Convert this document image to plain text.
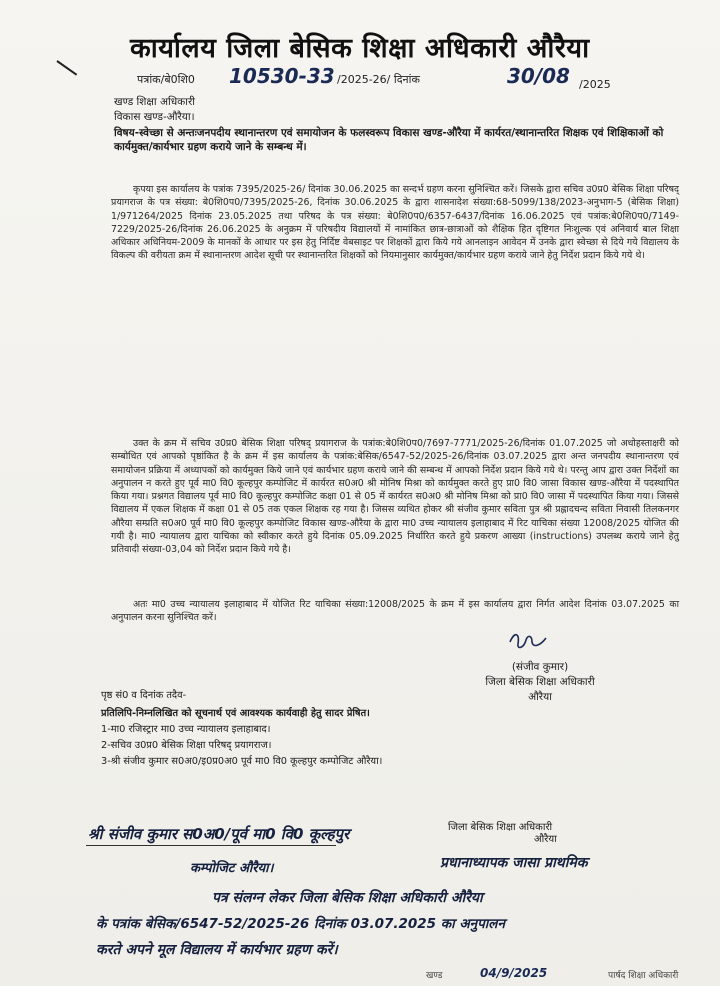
कार्यालय जिला बेसिक शिक्षा अधिकारी औरैया
पत्रांक/बे0शि0 10530-33 /2025-26/ दिनांक	30/08 /2025
खण्ड शिक्षा अधिकारी
विकास खण्ड-औरैया।
विषय-स्वेच्छा से अन्तःजनपदीय स्थानान्तरण एवं समायोजन के फलस्वरूप विकास खण्ड-औरैया में कार्यरत/स्थानान्तरित शिक्षक एवं शिक्षिकाओं को कार्यमुक्त/कार्यभार ग्रहण कराये जाने के सम्बन्ध में।
कृपया इस कार्यालय के पत्रांक 7395/2025-26/ दिनांक 30.06.2025 का सन्दर्भ ग्रहण करना सुनिश्चित करें। जिसके द्वारा सचिव उ0प्र0 बेसिक शिक्षा परिषद् प्रयागराज के पत्र संख्या: बे0शि0प0/7395/2025-26, दिनांक 30.06.2025 के द्वारा शासनादेश संख्या:68-5099/138/2023-अनुभाग-5 (बेसिक शिक्षा) 1/971264/2025 दिनांक 23.05.2025 तथा परिषद के पत्र संख्या: बे0शि0प0/6357-6437/दिनांक 16.06.2025 एवं पत्रांक:बे0शि0प0/7149-7229/2025-26/दिनांक 26.06.2025 के अनुक्रम में परिषदीय विद्यालयों में नामांकित छात्र-छात्राओं को शैक्षिक हित दृष्टिगत निःशुल्क एवं अनिवार्य बाल शिक्षा अधिकार अधिनियम-2009 के मानकों के आधार पर इस हेतु निर्दिष्ट वेबसाइट पर शिक्षकों द्वारा किये गये आनलाइन आवेदन में उनके द्वारा स्वेच्छा से दिये गये विद्यालय के विकल्प की वरीयता क्रम में स्थानान्तरण आदेश सूची पर स्थानान्तरित शिक्षकों को नियमानुसार कार्यमुक्त/कार्यभार ग्रहण कराये जाने हेतु निर्देश प्रदान किये गये थे।
उक्त के क्रम में सचिव उ0प्र0 बेसिक शिक्षा परिषद् प्रयागराज के पत्रांक:बे0शि0प0/7697-7771/2025-26/दिनांक 01.07.2025 जो अधोहस्ताक्षरी को सम्बोधित एवं आपको पृष्ठांकित है के क्रम में इस कार्यालय के पत्रांक:बेसिक/6547-52/2025-26/दिनांक 03.07.2025 द्वारा अन्त जनपदीय स्थानान्तरण एवं समायोजन प्रक्रिया में अध्यापकों को कार्यमुक्त किये जाने एवं कार्यभार ग्रहण कराये जाने की सम्बन्ध में आपको निर्देश प्रदान किये गये थे। परन्तु आप द्वारा उक्त निर्देशों का अनुपालन न करते हुए पूर्व मा0 वि0 कूल्हपुर कम्पोजिट में कार्यरत स0अ0 श्री मोनिष मिश्रा को कार्यमुक्त करते हुए प्रा0 वि0 जासा विकास खण्ड-औरैया में पदस्थापित किया गया। प्रश्नगत विद्यालय पूर्व मा0 वि0 कूल्हपुर कम्पोजिट कक्षा 01 से 05 में कार्यरत स0अ0 श्री मोनिष मिश्रा को प्रा0 वि0 जासा में पदस्थापित किया गया। जिससे विद्यालय में एकल शिक्षक में कक्षा 01 से 05 तक एकल शिक्षक रह गया है। जिसस व्यथित होकर श्री संजीव कुमार सविता पुत्र श्री प्रह्लादचन्द सविता निवासी तिलकनगर औरैया सम्प्रति स0अ0 पूर्व मा0 वि0 कूल्हपुर कम्पोजिट विकास खण्ड-औरैया के द्वारा मा0 उच्च न्यायालय इलाहाबाद में रिट याचिका संख्या 12008/2025 योजित की गयी है। मा0 न्यायालय द्वारा याचिका को स्वीकार करते हुये दिनांक 05.09.2025 निर्धारित करते हुये प्रकरण आख्या (instructions) उपलब्ध कराये जाने हेतु प्रतिवादी संख्या-03,04 को निर्देश प्रदान किये गये है।
अतः मा0 उच्च न्यायालय इलाहाबाद में योजित रिट याचिका संख्या:12008/2025 के क्रम में इस कार्यालय द्वारा निर्गत आदेश दिनांक 03.07.2025 का अनुपालन करना सुनिश्चित करें।
(संजीव कुमार)
जिला बेसिक शिक्षा अधिकारी
औरैया
पृष्ठ सं0 व दिनांक तदैव-
प्रतिलिपि-निम्नलिखित को सूचनार्थ एवं आवश्यक कार्यवाही हेतु सादर प्रेषित।
1-मा0 रजिस्ट्रार मा0 उच्च न्यायालय इलाहाबाद।
2-सचिव उ0प्र0 बेसिक शिक्षा परिषद् प्रयागराज।
3-श्री संजीव कुमार स0अ0/इ0प्र0अ0 पूर्व मा0 वि0 कूल्हपुर कम्पोजिट औरैया।
श्री संजीव कुमार स0अ0/पूर्व मा0 वि0 कूल्हपुर
कम्पोजिट औरैया।
जिला बेसिक शिक्षा अधिकारी
औरैया
प्रधानाध्यापक जासा प्राथमिक
पत्र संलग्न लेकर जिला बेसिक शिक्षा अधिकारी औरैया
के पत्रांक बेसिक/6547-52/2025-26 दिनांक 03.07.2025 का अनुपालन
करते अपने मूल विद्यालय में कार्यभार ग्रहण करें।
खण्ड	04/9/2025	पार्षद शिक्षा अधिकारी
